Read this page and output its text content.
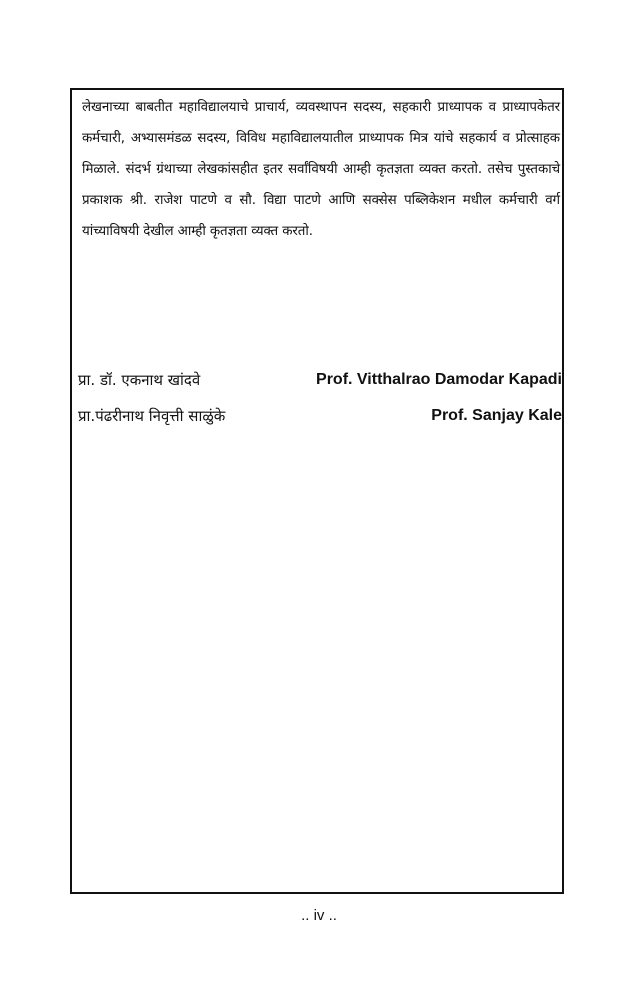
लेखनाच्या बाबतीत महाविद्यालयाचे प्राचार्य, व्यवस्थापन सदस्य, सहकारी प्राध्यापक व प्राध्यापकेतर कर्मचारी, अभ्यासमंडळ सदस्य, विविध महाविद्यालयातील प्राध्यापक मित्र यांचे सहकार्य व प्रोत्साहक मिळाले. संदर्भ ग्रंथाच्या लेखकांसहीत इतर सर्वांविषयी आम्ही कृतज्ञता व्यक्त करतो. तसेच पुस्तकाचे प्रकाशक श्री. राजेश पाटणे व सौ. विद्या पाटणे आणि सक्सेस पब्लिकेशन मधील कर्मचारी वर्ग यांच्याविषयी देखील आम्ही कृतज्ञता व्यक्त करतो.

प्रा. डॉ. एकनाथ खांदवे	Prof. Vitthalrao Damodar Kapadi
प्रा.पंढरीनाथ निवृत्ती साळुंके	Prof. Sanjay Kale
.. iv ..
